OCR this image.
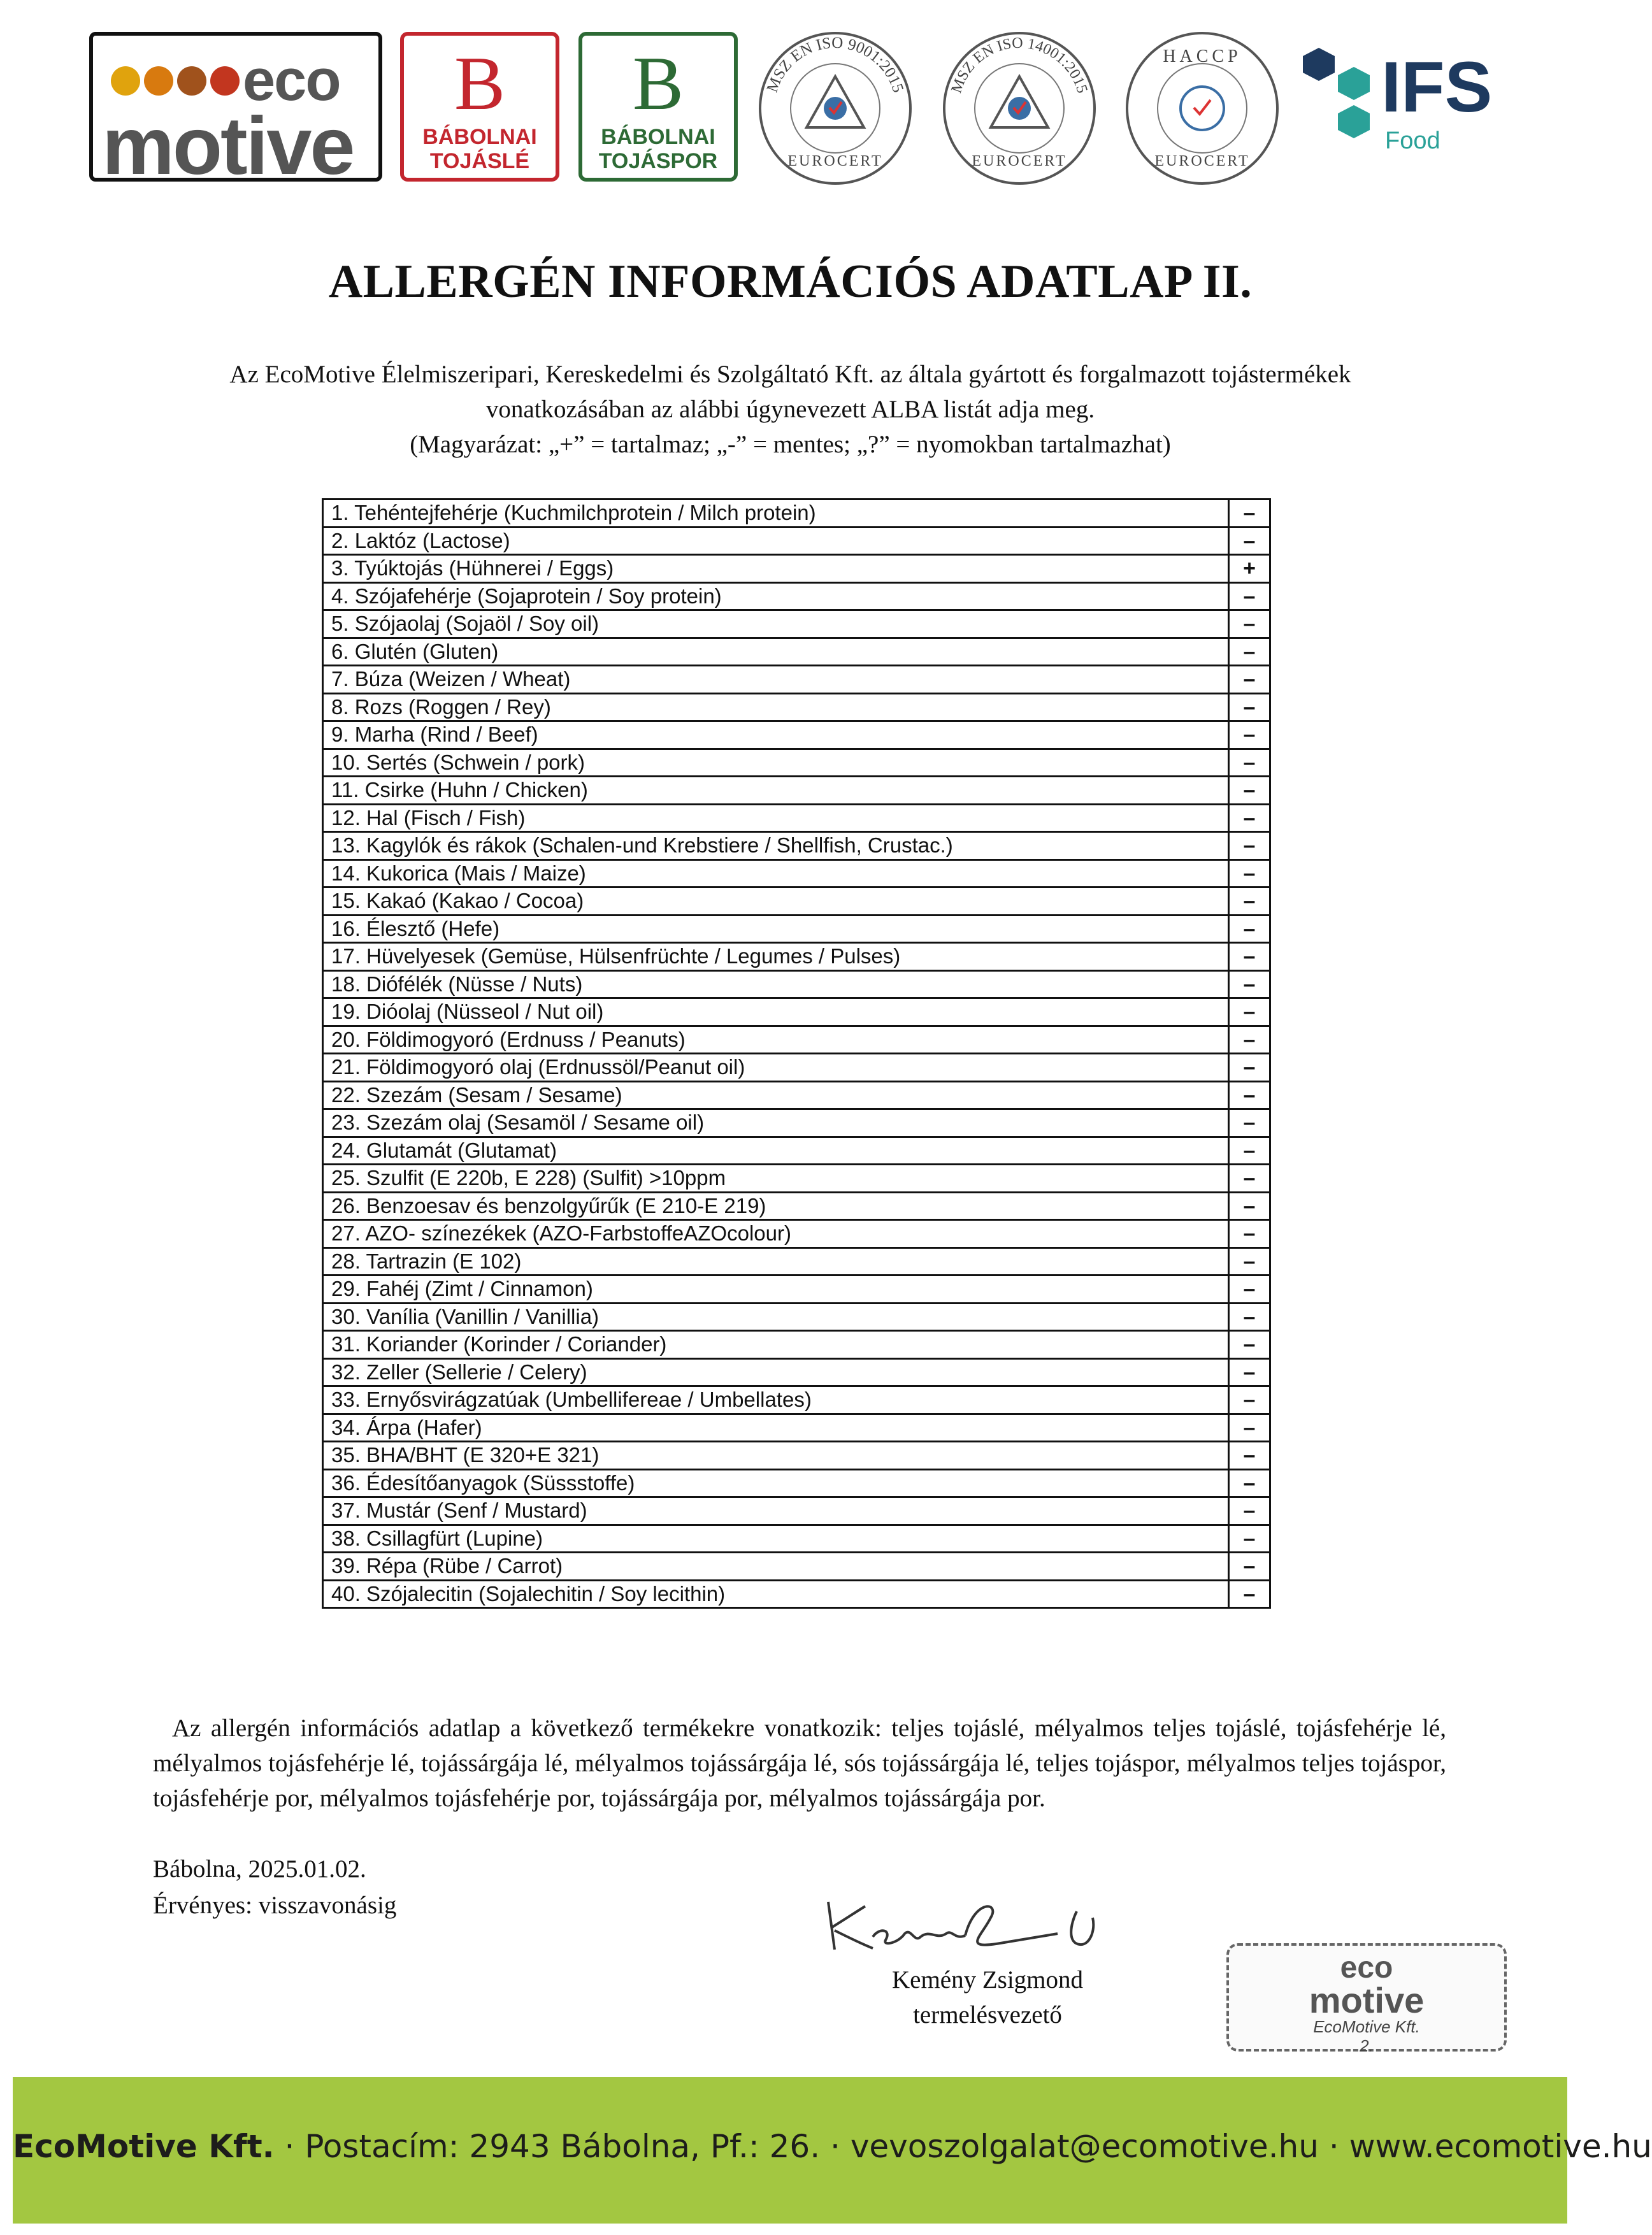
eco
motive
B
BÁBOLNAI
TOJÁSLÉ
B
BÁBOLNAI
TOJÁSPOR
MSZ EN ISO 9001:2015
EUROCERT
MSZ EN ISO 14001:2015
EUROCERT
HACCP
EUROCERT
IFS
Food
ALLERGÉN INFORMÁCIÓS ADATLAP II.
Az EcoMotive Élelmiszeripari, Kereskedelmi és Szolgáltató Kft. az általa gyártott és forgalmazott tojástermékek
vonatkozásában az alábbi úgynevezett ALBA listát adja meg.
(Magyarázat: „+” = tartalmaz; „-” = mentes; „?” = nyomokban tartalmazhat)
1. Tehéntejfehérje (Kuchmilchprotein / Milch protein)	–
2. Laktóz (Lactose)	–
3. Tyúktojás (Hühnerei / Eggs)	+
4. Szójafehérje (Sojaprotein / Soy protein)	–
5. Szójaolaj (Sojaöl / Soy oil)	–
6. Glutén (Gluten)	–
7. Búza (Weizen / Wheat)	–
8. Rozs (Roggen / Rey)	–
9. Marha (Rind / Beef)	–
10. Sertés (Schwein / pork)	–
11. Csirke (Huhn / Chicken)	–
12. Hal (Fisch / Fish)	–
13. Kagylók és rákok (Schalen-und Krebstiere / Shellfish, Crustac.)	–
14. Kukorica (Mais / Maize)	–
15. Kakaó (Kakao / Cocoa)	–
16. Élesztő (Hefe)	–
17. Hüvelyesek (Gemüse, Hülsenfrüchte / Legumes / Pulses)	–
18. Diófélék (Nüsse / Nuts)	–
19. Dióolaj (Nüsseol / Nut oil)	–
20. Földimogyoró (Erdnuss / Peanuts)	–
21. Földimogyoró olaj (Erdnussöl/Peanut oil)	–
22. Szezám (Sesam / Sesame)	–
23. Szezám olaj (Sesamöl / Sesame oil)	–
24. Glutamát (Glutamat)	–
25. Szulfit (E 220b, E 228) (Sulfit) >10ppm	–
26. Benzoesav és benzolgyűrűk (E 210-E 219)	–
27. AZO- színezékek (AZO-FarbstoffeAZOcolour)	–
28. Tartrazin (E 102)	–
29. Fahéj (Zimt / Cinnamon)	–
30. Vanília (Vanillin / Vanillia)	–
31. Koriander (Korinder / Coriander)	–
32. Zeller (Sellerie / Celery)	–
33. Ernyősvirágzatúak (Umbellifereae / Umbellates)	–
34. Árpa (Hafer)	–
35. BHA/BHT (E 320+E 321)	–
36. Édesítőanyagok (Süssstoffe)	–
37. Mustár (Senf / Mustard)	–
38. Csillagfürt (Lupine)	–
39. Répa (Rübe / Carrot)	–
40. Szójalecitin (Sojalechitin / Soy lecithin)	–
Az allergén információs adatlap a következő termékekre vonatkozik: teljes tojáslé, mélyalmos teljes tojáslé, tojásfehérje lé, mélyalmos tojásfehérje lé, tojássárgája lé, mélyalmos tojássárgája lé, sós tojássárgája lé, teljes tojáspor, mélyalmos teljes tojáspor, tojásfehérje por, mélyalmos tojásfehérje por, tojássárgája por, mélyalmos tojássárgája por.
Bábolna, 2025.01.02.
Érvényes: visszavonásig
Kemény Zsigmond
termelésvezető
eco
motive
EcoMotive Kft.
2.
EcoMotive Kft. · Postacím: 2943 Bábolna, Pf.: 26. · vevoszolgalat@ecomotive.hu · www.ecomotive.hu
